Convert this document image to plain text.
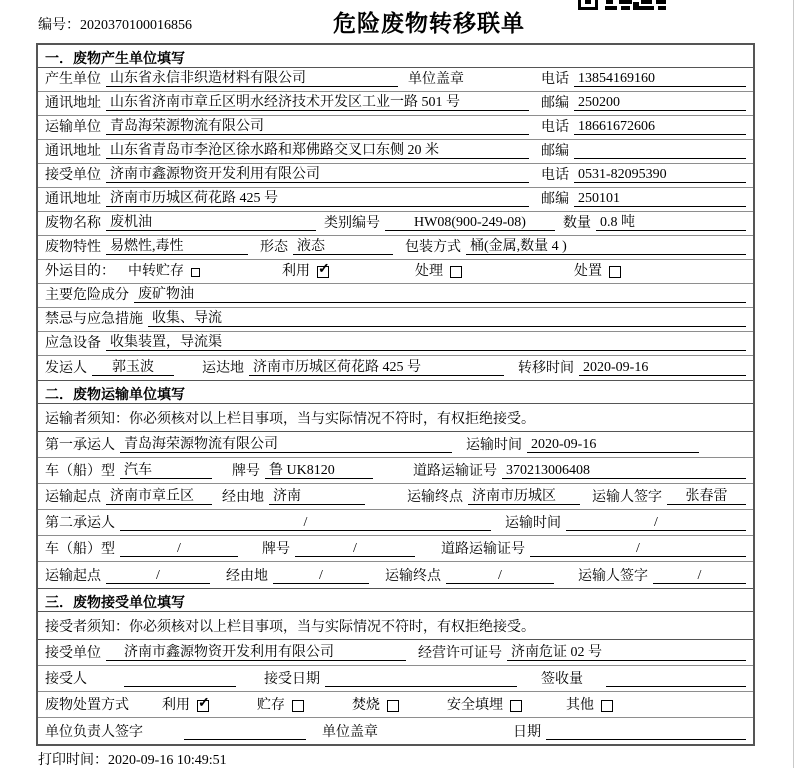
编号：2020370100016856	危险废物转移联单
一．废物产生单位填写
产生单位 山东省永信非织造材料有限公司	单位盖章	电话 13854169160
通讯地址 山东省济南市章丘区明水经济技术开发区工业一路 501 号	邮编 250200
运输单位 青岛海荣源物流有限公司	电话 18661672606
通讯地址 山东省青岛市李沧区徐水路和郑佛路交叉口东侧 20 米	邮编
接受单位 济南市鑫源物资开发利用有限公司	电话 0531-82095390
通讯地址 济南市历城区荷花路 425 号	邮编 250101
废物名称 废机油	类别编号	HW08(900-249-08)	数量 0.8 吨
废物特性 易燃性,毒性	形态 液态	包装方式 桶(金属,数量 4 )
外运目的： 中转贮存	利用 ✓	处理	处置
主要危险成分 废矿物油
禁忌与应急措施 收集、导流
应急设备 收集装置，导流渠
发运人	郭玉波	运达地 济南市历城区荷花路 425 号	转移时间 2020-09-16
二．废物运输单位填写
运输者须知：你必须核对以上栏目事项，当与实际情况不符时，有权拒绝接受。
第一承运人 青岛海荣源物流有限公司	运输时间 2020-09-16
车（船）型 汽车	牌号 鲁 UK8120	道路运输证号 370213006408
运输起点 济南市章丘区	经由地 济南	运输终点 济南市历城区	运输人签字	张春雷
第二承运人	/	运输时间	/
车（船）型	/	牌号	/	道路运输证号	/
运输起点	/	经由地	/	运输终点	/	运输人签字	/
三．废物接受单位填写
接受者须知：你必须核对以上栏目事项，当与实际情况不符时，有权拒绝接受。
接受单位	济南市鑫源物资开发利用有限公司	经营许可证号 济南危证 02 号
接受人	接受日期	签收量
废物处置方式	利用 ✓	贮存	焚烧	安全填埋	其他
单位负责人签字	单位盖章	日期
打印时间：2020-09-16 10:49:51
